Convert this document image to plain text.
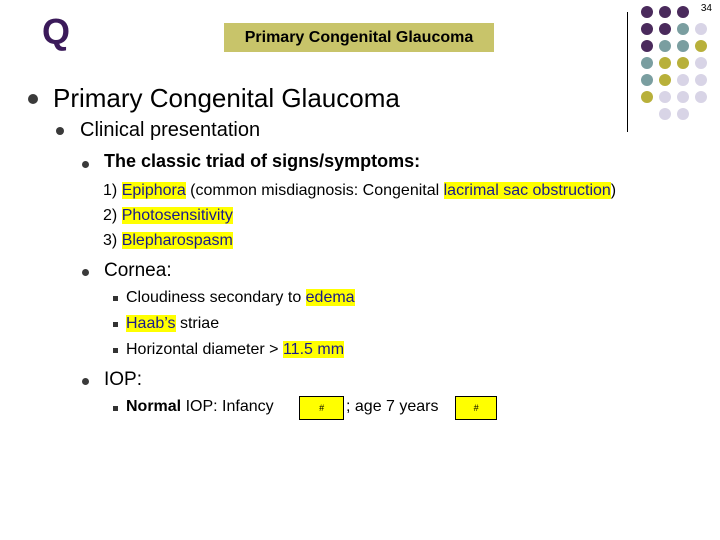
34
Q	Primary Congenital Glaucoma
Primary Congenital Glaucoma
Clinical presentation
The classic triad of signs/symptoms:
1) Epiphora (common misdiagnosis: Congenital lacrimal sac obstruction)
2) Photosensitivity
3) Blepharospasm
Cornea:
Cloudiness secondary to edema
Haab’s striae
Horizontal diameter > 11.5 mm
IOP:
Normal IOP: Infancy	# ; age 7 years	#
